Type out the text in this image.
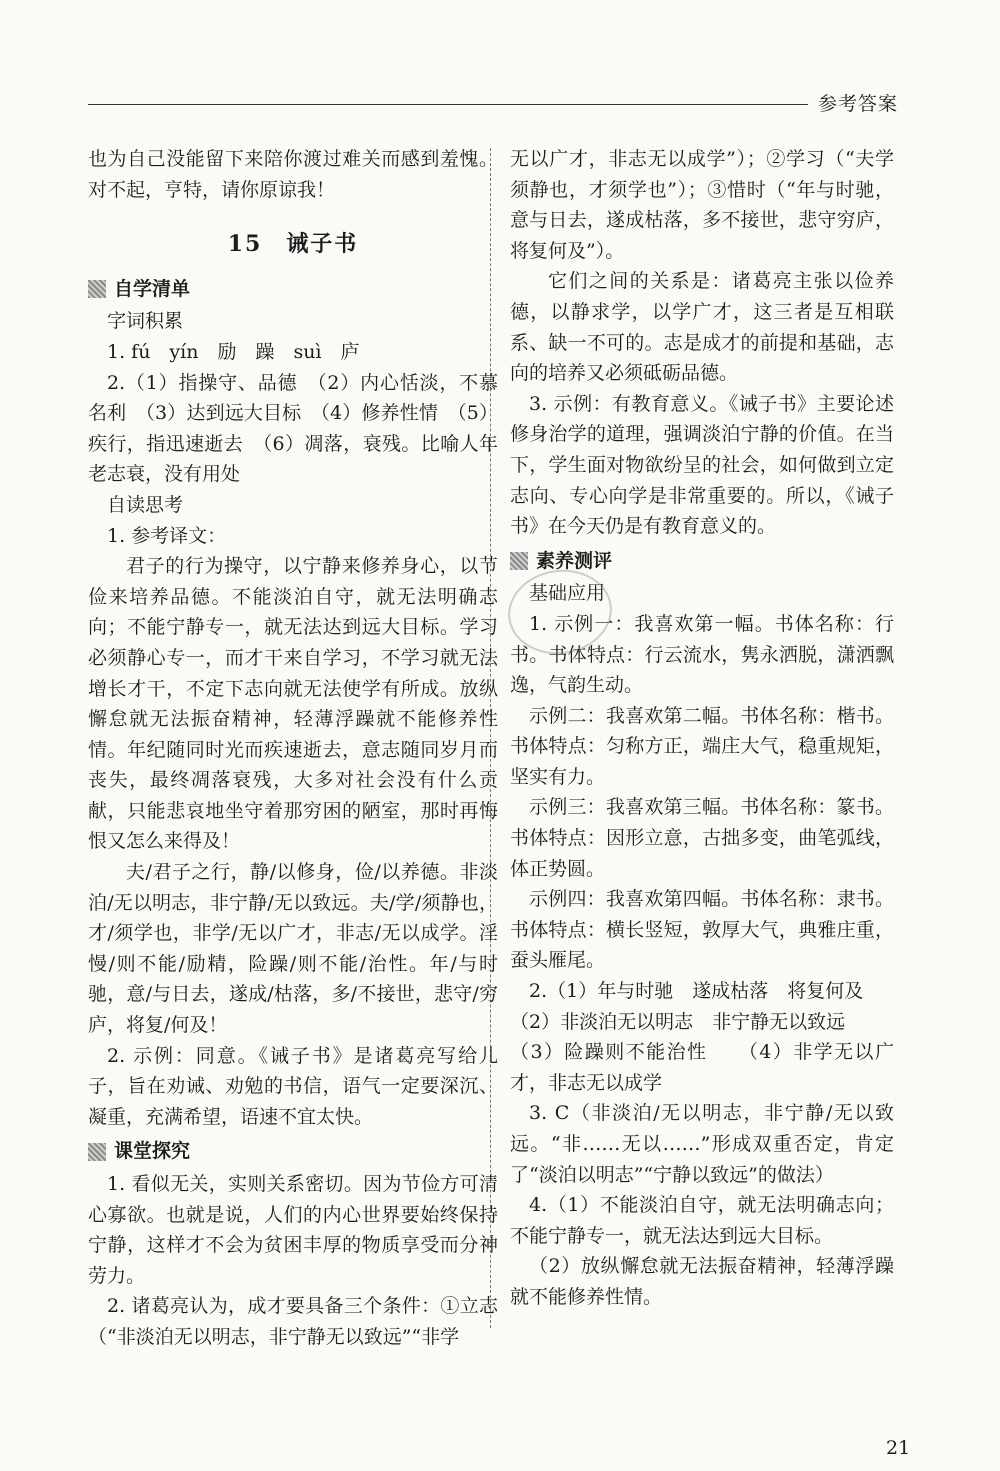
参考答案

也为自己没能留下来陪你渡过难关而感到羞愧。对不起，亨特，请你原谅我！

15　诫子书
自学清单

字词积累

1. fú　yín　励　躁　suì　庐

2.（1）指操守、品德　（2）内心恬淡，不慕名利　（3）达到远大目标　（4）修养性情　（5）疾行，指迅速逝去　（6）凋落，衰残。比喻人年老志衰，没有用处

自读思考

1. 参考译文：

君子的行为操守，以宁静来修养身心，以节俭来培养品德。不能淡泊自守，就无法明确志向；不能宁静专一，就无法达到远大目标。学习必须静心专一，而才干来自学习，不学习就无法增长才干，不定下志向就无法使学有所成。放纵懈怠就无法振奋精神，轻薄浮躁就不能修养性情。年纪随同时光而疾速逝去，意志随同岁月而丧失，最终凋落衰残，大多对社会没有什么贡献，只能悲哀地坐守着那穷困的陋室，那时再悔恨又怎么来得及！

夫/君子之行，静/以修身，俭/以养德。非淡泊/无以明志，非宁静/无以致远。夫/学/须静也，才/须学也，非学/无以广才，非志/无以成学。淫慢/则不能/励精，险躁/则不能/治性。年/与时驰，意/与日去，遂成/枯落，多/不接世，悲守/穷庐，将复/何及！

2. 示例：同意。《诫子书》是诸葛亮写给儿子，旨在劝诫、劝勉的书信，语气一定要深沉、凝重，充满希望，语速不宜太快。

课堂探究

1. 看似无关，实则关系密切。因为节俭方可清心寡欲。也就是说，人们的内心世界要始终保持宁静，这样才不会为贫困丰厚的物质享受而分神劳力。

2. 诸葛亮认为，成才要具备三个条件：①立志（“非淡泊无以明志，非宁静无以致远”“非学

无以广才，非志无以成学”）；②学习（“夫学须静也，才须学也”）；③惜时（“年与时驰，意与日去，遂成枯落，多不接世，悲守穷庐，将复何及”）。

它们之间的关系是：诸葛亮主张以俭养德，以静求学，以学广才，这三者是互相联系、缺一不可的。志是成才的前提和基础，志向的培养又必须砥砺品德。

3. 示例：有教育意义。《诫子书》主要论述修身治学的道理，强调淡泊宁静的价值。在当下，学生面对物欲纷呈的社会，如何做到立定志向、专心向学是非常重要的。所以，《诫子书》在今天仍是有教育意义的。

素养测评

基础应用

1. 示例一：我喜欢第一幅。书体名称：行书。书体特点：行云流水，隽永洒脱，潇洒飘逸，气韵生动。

示例二：我喜欢第二幅。书体名称：楷书。书体特点：匀称方正，端庄大气，稳重规矩，坚实有力。

示例三：我喜欢第三幅。书体名称：篆书。书体特点：因形立意，古拙多变，曲笔弧线，体正势圆。

示例四：我喜欢第四幅。书体名称：隶书。书体特点：横长竖短，敦厚大气，典雅庄重，蚕头雁尾。

2.（1）年与时驰　遂成枯落　将复何及

（2）非淡泊无以明志　非宁静无以致远

（3）险躁则不能治性　　（4）非学无以广才，非志无以成学

3. C（非淡泊/无以明志，非宁静/无以致远。“非……无以……”形成双重否定，肯定了“淡泊以明志”“宁静以致远”的做法）

4.（1）不能淡泊自守，就无法明确志向；不能宁静专一，就无法达到远大目标。

（2）放纵懈怠就无法振奋精神，轻薄浮躁就不能修养性情。

21
